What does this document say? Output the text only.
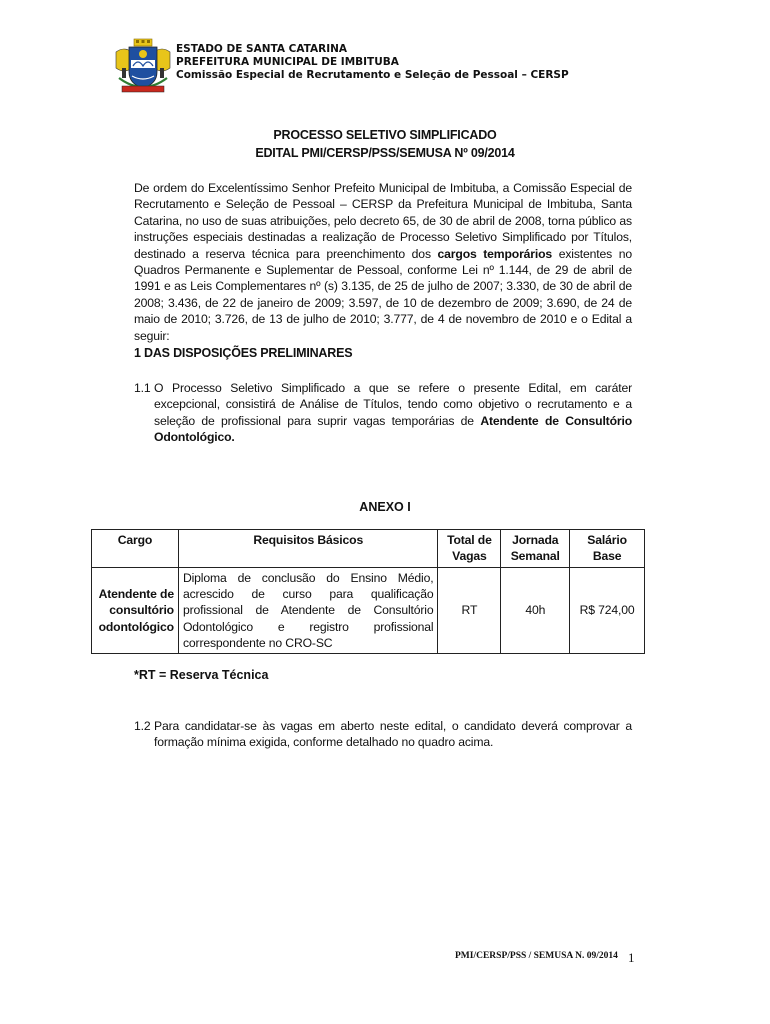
ESTADO DE SANTA CATARINA
PREFEITURA MUNICIPAL DE IMBITUBA
Comissão Especial de Recrutamento e Seleção de Pessoal – CERSP
PROCESSO SELETIVO SIMPLIFICADO
EDITAL PMI/CERSP/PSS/SEMUSA Nº 09/2014
De ordem do Excelentíssimo Senhor Prefeito Municipal de Imbituba, a Comissão Especial de Recrutamento e Seleção de Pessoal – CERSP da Prefeitura Municipal de Imbituba, Santa Catarina, no uso de suas atribuições, pelo decreto 65, de 30 de abril de 2008, torna público as instruções especiais destinadas a realização de Processo Seletivo Simplificado por Títulos, destinado a reserva técnica para preenchimento dos cargos temporários existentes no Quadros Permanente e Suplementar de Pessoal, conforme Lei nº 1.144, de 29 de abril de 1991 e as Leis Complementares nº (s) 3.135, de 25 de julho de 2007; 3.330, de 30 de abril de 2008; 3.436, de 22 de janeiro de 2009; 3.597, de 10 de dezembro de 2009; 3.690, de 24 de maio de 2010; 3.726, de 13 de julho de 2010; 3.777, de 4 de novembro de 2010 e o Edital a seguir:
1 DAS DISPOSIÇÕES PRELIMINARES
1.1 O Processo Seletivo Simplificado a que se refere o presente Edital, em caráter excepcional, consistirá de Análise de Títulos, tendo como objetivo o recrutamento e a seleção de profissional para suprir vagas temporárias de Atendente de Consultório Odontológico.
ANEXO I
Cargo	Requisitos Básicos	Total de Vagas	Jornada Semanal	Salário Base
Atendente de consultório odontológico	Diploma de conclusão do Ensino Médio, acrescido de curso para qualificação profissional de Atendente de Consultório Odontológico e registro profissional correspondente no CRO-SC	RT	40h	R$ 724,00
*RT = Reserva Técnica
1.2 Para candidatar-se às vagas em aberto neste edital, o candidato deverá comprovar a formação mínima exigida, conforme detalhado no quadro acima.
PMI/CERSP/PSS / SEMUSA N. 09/2014 1
